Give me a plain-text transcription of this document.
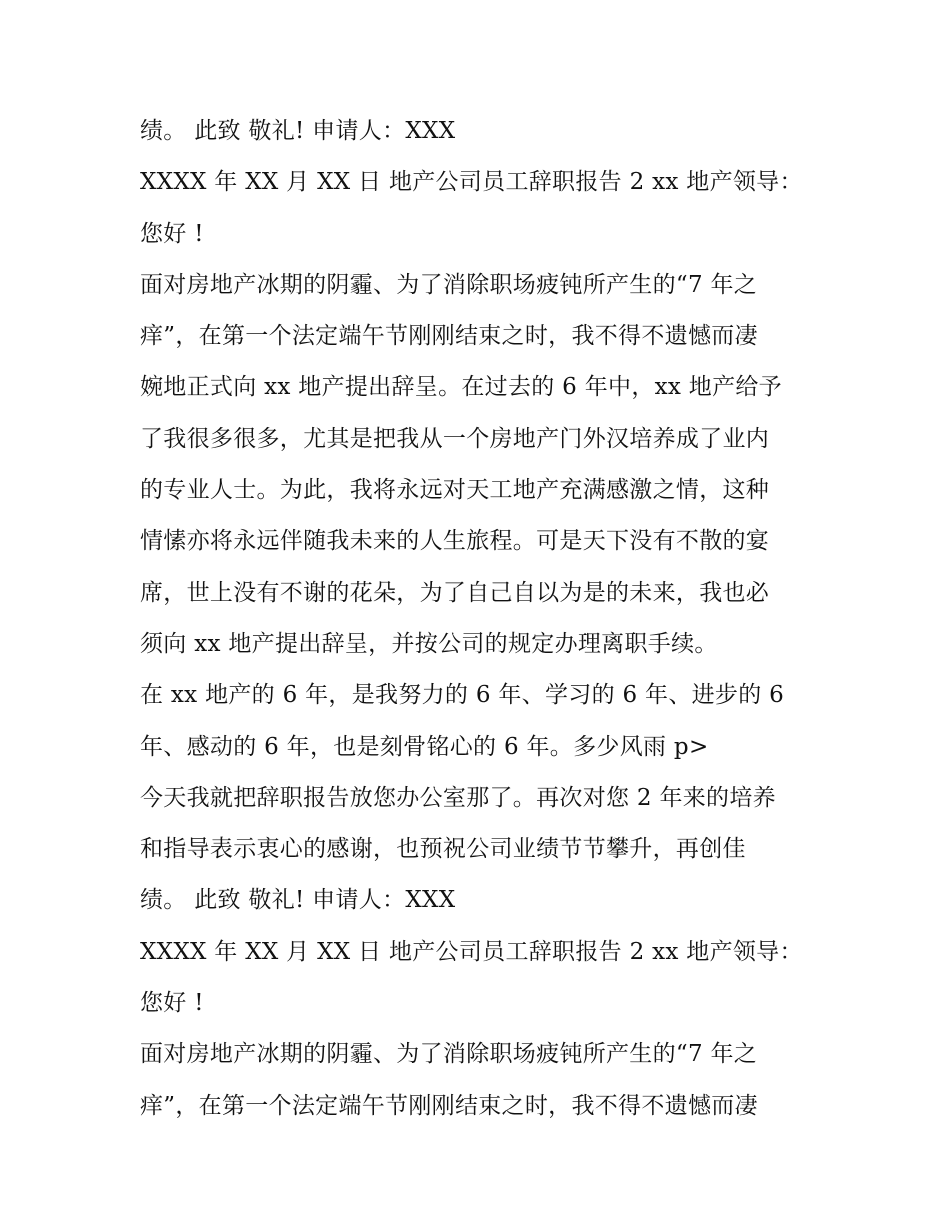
绩。 此致 敬礼! 申请人：XXX
XXXX 年 XX 月 XX 日 地产公司员工辞职报告 2 xx 地产领导：
您好 !
面对房地产冰期的阴霾、为了消除职场疲钝所产生的“7 年之
痒”，在第一个法定端午节刚刚结束之时，我不得不遗憾而凄
婉地正式向 xx 地产提出辞呈。在过去的 6 年中，xx 地产给予
了我很多很多，尤其是把我从一个房地产门外汉培养成了业内
的专业人士。为此，我将永远对天工地产充满感激之情，这种
情愫亦将永远伴随我未来的人生旅程。可是天下没有不散的宴
席，世上没有不谢的花朵，为了自己自以为是的未来，我也必
须向 xx 地产提出辞呈，并按公司的规定办理离职手续。
在 xx 地产的 6 年，是我努力的 6 年、学习的 6 年、进步的 6
年、感动的 6 年，也是刻骨铭心的 6 年。多少风雨 p>
今天我就把辞职报告放您办公室那了。再次对您 2 年来的培养
和指导表示衷心的感谢，也预祝公司业绩节节攀升，再创佳
绩。 此致 敬礼! 申请人：XXX
XXXX 年 XX 月 XX 日 地产公司员工辞职报告 2 xx 地产领导：
您好 !
面对房地产冰期的阴霾、为了消除职场疲钝所产生的“7 年之
痒”，在第一个法定端午节刚刚结束之时，我不得不遗憾而凄
